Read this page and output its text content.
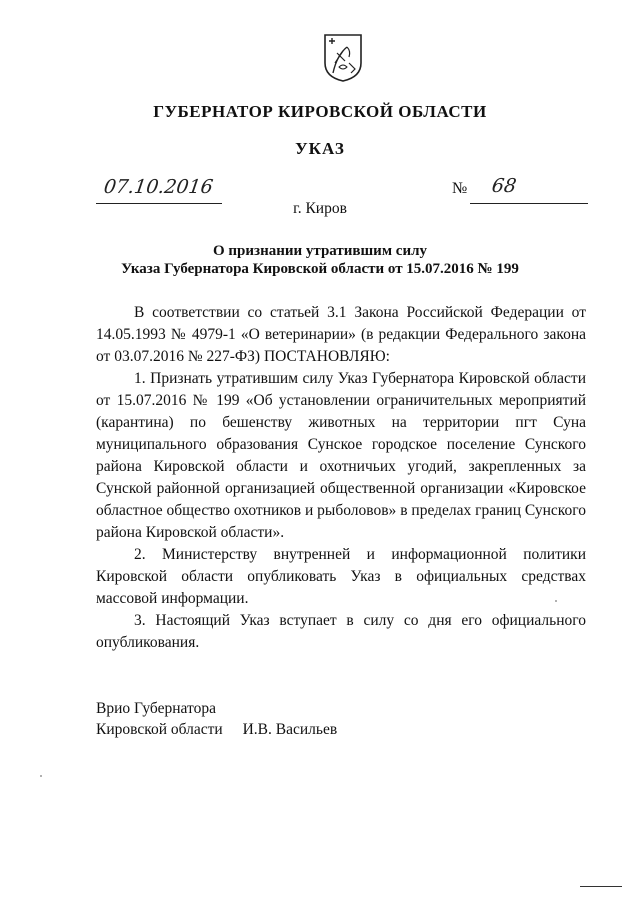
ГУБЕРНАТОР КИРОВСКОЙ ОБЛАСТИ
УКАЗ
07.10.2016	№ 68
г. Киров
О признании утратившим силу
Указа Губернатора Кировской области от 15.07.2016 № 199

В соответствии со статьей 3.1 Закона Российской Федерации от 14.05.1993 № 4979-1 «О ветеринарии» (в редакции Федерального закона от 03.07.2016 № 227-ФЗ) ПОСТАНОВЛЯЮ:

1. Признать утратившим силу Указ Губернатора Кировской области от 15.07.2016 № 199 «Об установлении ограничительных мероприятий (карантина) по бешенству животных на территории пгт Суна муниципального образования Сунское городское поселение Сунского района Кировской области и охотничьих угодий, закрепленных за Сунской районной организацией общественной организации «Кировское областное общество охотников и рыболовов» в пределах границ Сунского района Кировской области».

2. Министерству внутренней и информационной политики Кировской области опубликовать Указ в официальных средствах массовой информации.

3. Настоящий Указ вступает в силу со дня его официального опубликования.

Врио Губернатора
Кировской области И.В. Васильев
